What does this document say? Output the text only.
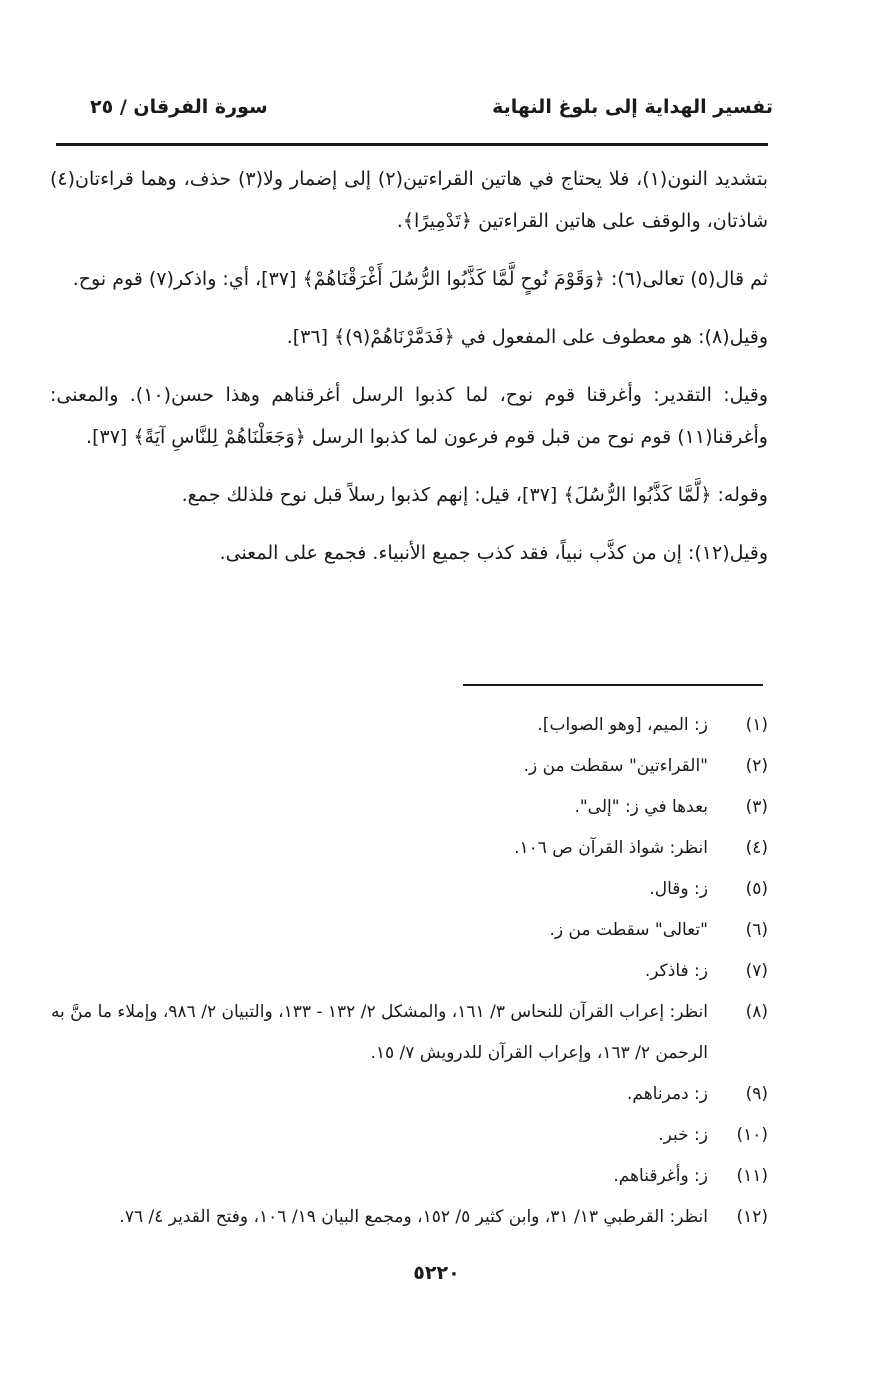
تفسير الهداية إلى بلوغ النهاية
سورة الفرقان / ٢٥

بتشديد النون(١)، فلا يحتاج في هاتين القراءتين(٢) إلى إضمار ولا(٣) حذف، وهما قراءتان(٤) شاذتان، والوقف على هاتين القراءتين ﴿تَدْمِيرًا﴾.

ثم قال(٥) تعالى(٦): ﴿وَقَوْمَ نُوحٍ لَّمَّا كَذَّبُوا الرُّسُلَ أَغْرَقْنَاهُمْ﴾ [٣٧]، أي: واذكر(٧) قوم نوح.

وقيل(٨): هو معطوف على المفعول في ﴿فَدَمَّرْنَاهُمْ(٩)﴾ [٣٦].

وقيل: التقدير: وأغرقنا قوم نوح، لما كذبوا الرسل أغرقناهم وهذا حسن(١٠). والمعنى: وأغرقنا(١١) قوم نوح من قبل قوم فرعون لما كذبوا الرسل ﴿وَجَعَلْنَاهُمْ لِلنَّاسِ آيَةً﴾ [٣٧].

وقوله: ﴿لَّمَّا كَذَّبُوا الرُّسُلَ﴾ [٣٧]، قيل: إنهم كذبوا رسلاً قبل نوح فلذلك جمع.

وقيل(١٢): إن من كذَّب نبياً، فقد كذب جميع الأنبياء. فجمع على المعنى.

(١)
ز: الميم، [وهو الصواب].
(٢)
"القراءتين" سقطت من ز.
(٣)
بعدها في ز: "إلى".
(٤)
انظر: شواذ القرآن ص ١٠٦.
(٥)
ز: وقال.
(٦)
"تعالى" سقطت من ز.
(٧)
ز: فاذكر.
(٨)
انظر: إعراب القرآن للنحاس ٣/ ١٦١، والمشكل ٢/ ١٣٢ - ١٣٣، والتبيان ٢/ ٩٨٦، وإملاء ما منَّ به الرحمن ٢/ ١٦٣، وإعراب القرآن للدرويش ٧/ ١٥.
(٩)
ز: دمرناهم.
(١٠)
ز: خبر.
(١١)
ز: وأغرقناهم.
(١٢)
انظر: القرطبي ١٣/ ٣١، وابن كثير ٥/ ١٥٢، ومجمع البيان ١٩/ ١٠٦، وفتح القدير ٤/ ٧٦.
٥٢٢٠
